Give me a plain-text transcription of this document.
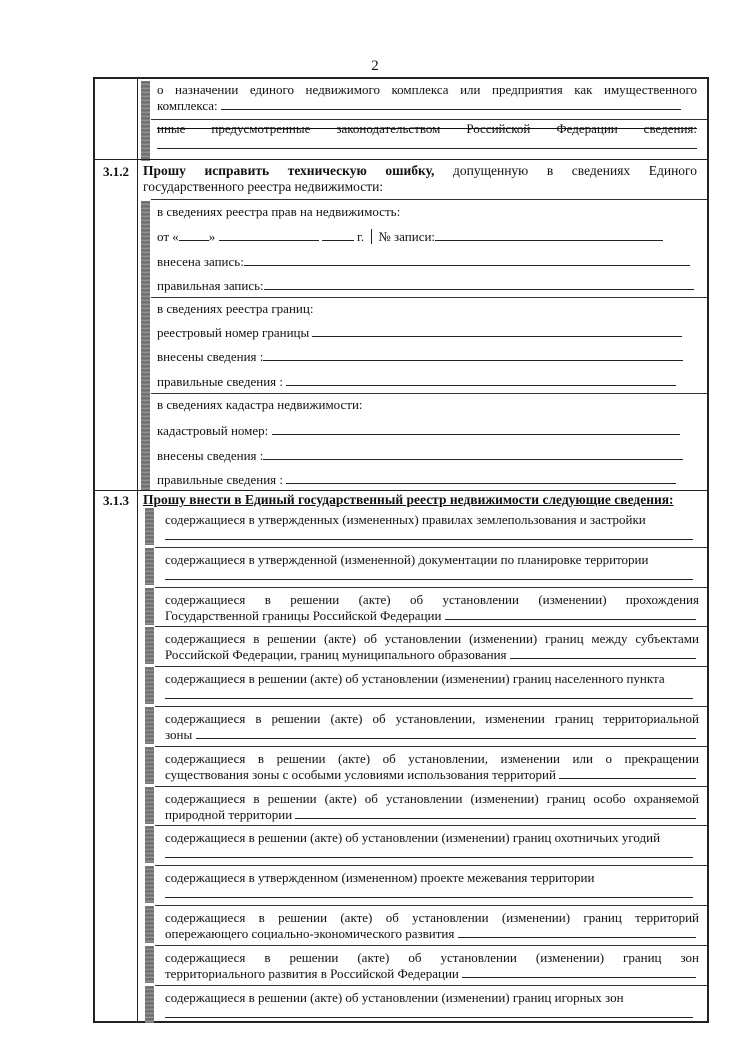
2
о назначении единого недвижимого комплекса или предприятия как имущественного
комплекса:
иные предусмотренные законодательством Российской Федерации сведения:
3.1.2	Прошу исправить техническую ошибку, допущенную в сведениях Единого
государственного реестра недвижимости:
в сведениях реестра прав на недвижимость:
от « »	г. № записи:
внесена запись:
правильная запись:
в сведениях реестра границ:
реестровый номер границы
внесены сведения :
правильные сведения :
в сведениях кадастра недвижимости:
кадастровый номер:
внесены сведения :
правильные сведения :
3.1.3	Прошу внести в Единый государственный реестр недвижимости следующие сведения:
содержащиеся в утвержденных (измененных) правилах землепользования и застройки
содержащиеся в утвержденной (измененной) документации по планировке территории
содержащиеся в решении (акте) об установлении (изменении) прохождения
Государственной границы Российской Федерации
содержащиеся в решении (акте) об установлении (изменении) границ между субъектами
Российской Федерации, границ муниципального образования
содержащиеся в решении (акте) об установлении (изменении) границ населенного пункта
содержащиеся в решении (акте) об установлении, изменении границ территориальной
зоны
содержащиеся в решении (акте) об установлении, изменении или о прекращении
существования зоны с особыми условиями использования территорий
содержащиеся в решении (акте) об установлении (изменении) границ особо охраняемой
природной территории
содержащиеся в решении (акте) об установлении (изменении) границ охотничьих угодий
содержащиеся в утвержденном (измененном) проекте межевания территории
содержащиеся в решении (акте) об установлении (изменении) границ территорий
опережающего социально-экономического развития
содержащиеся в решении (акте) об установлении (изменении) границ зон
территориального развития в Российской Федерации
содержащиеся в решении (акте) об установлении (изменении) границ игорных зон
